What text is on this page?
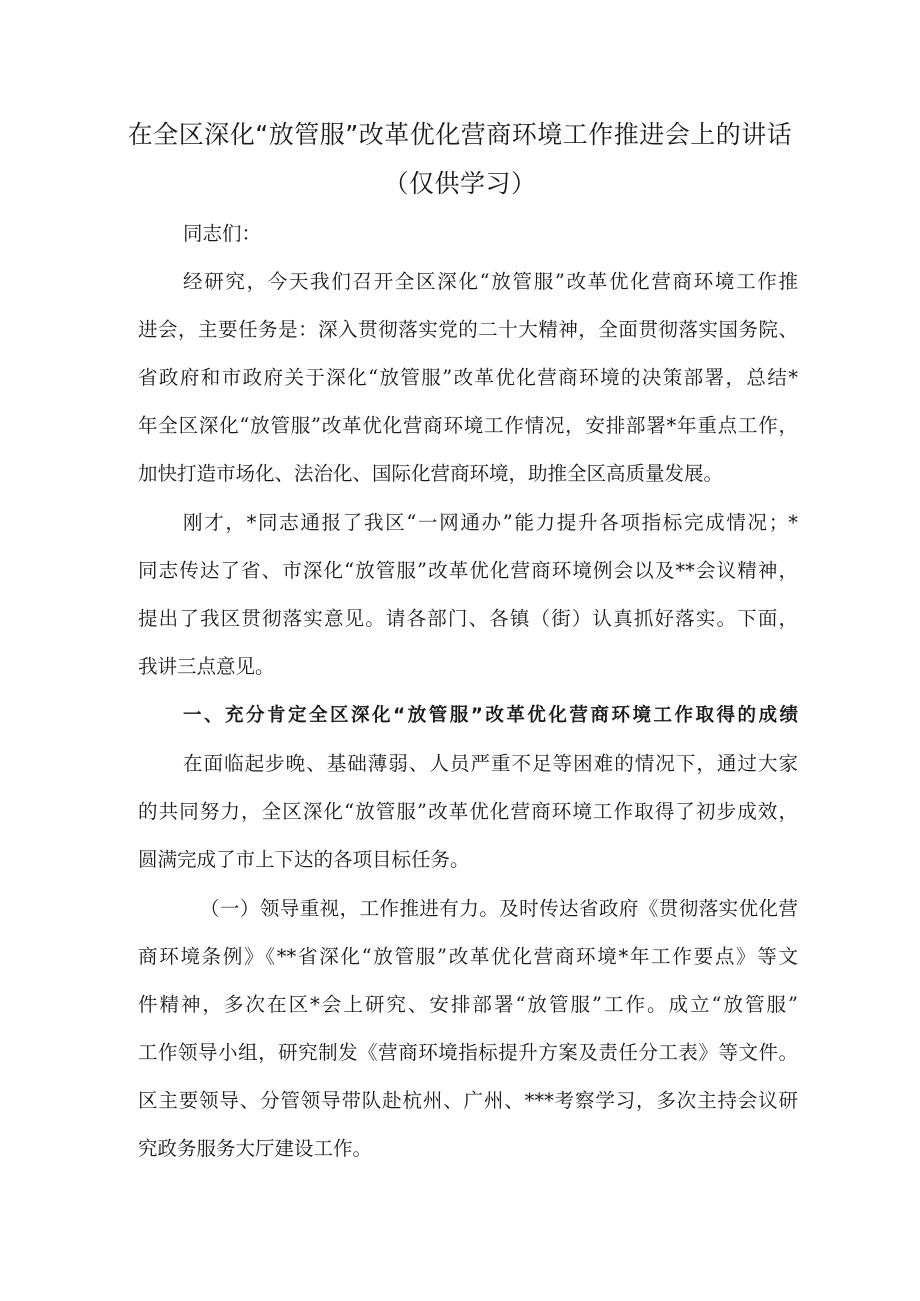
在全区深化“放管服”改革优化营商环境工作推进会上的讲话
（仅供学习）
同志们：
经研究，今天我们召开全区深化“放管服”改革优化营商环境工作推
进会，主要任务是：深入贯彻落实党的二十大精神，全面贯彻落实国务院、
省政府和市政府关于深化“放管服”改革优化营商环境的决策部署，总结*
年全区深化“放管服”改革优化营商环境工作情况，安排部署*年重点工作，
加快打造市场化、法治化、国际化营商环境，助推全区高质量发展。
刚才，*同志通报了我区“一网通办”能力提升各项指标完成情况；*
同志传达了省、市深化“放管服”改革优化营商环境例会以及**会议精神，
提出了我区贯彻落实意见。请各部门、各镇（街）认真抓好落实。下面，
我讲三点意见。
一、充分肯定全区深化“放管服”改革优化营商环境工作取得的成绩
在面临起步晚、基础薄弱、人员严重不足等困难的情况下，通过大家
的共同努力，全区深化“放管服”改革优化营商环境工作取得了初步成效，
圆满完成了市上下达的各项目标任务。
（一）领导重视，工作推进有力。及时传达省政府《贯彻落实优化营
商环境条例》《**省深化“放管服”改革优化营商环境*年工作要点》等文
件精神，多次在区*会上研究、安排部署“放管服”工作。成立“放管服”
工作领导小组，研究制发《营商环境指标提升方案及责任分工表》等文件。
区主要领导、分管领导带队赴杭州、广州、***考察学习，多次主持会议研
究政务服务大厅建设工作。
